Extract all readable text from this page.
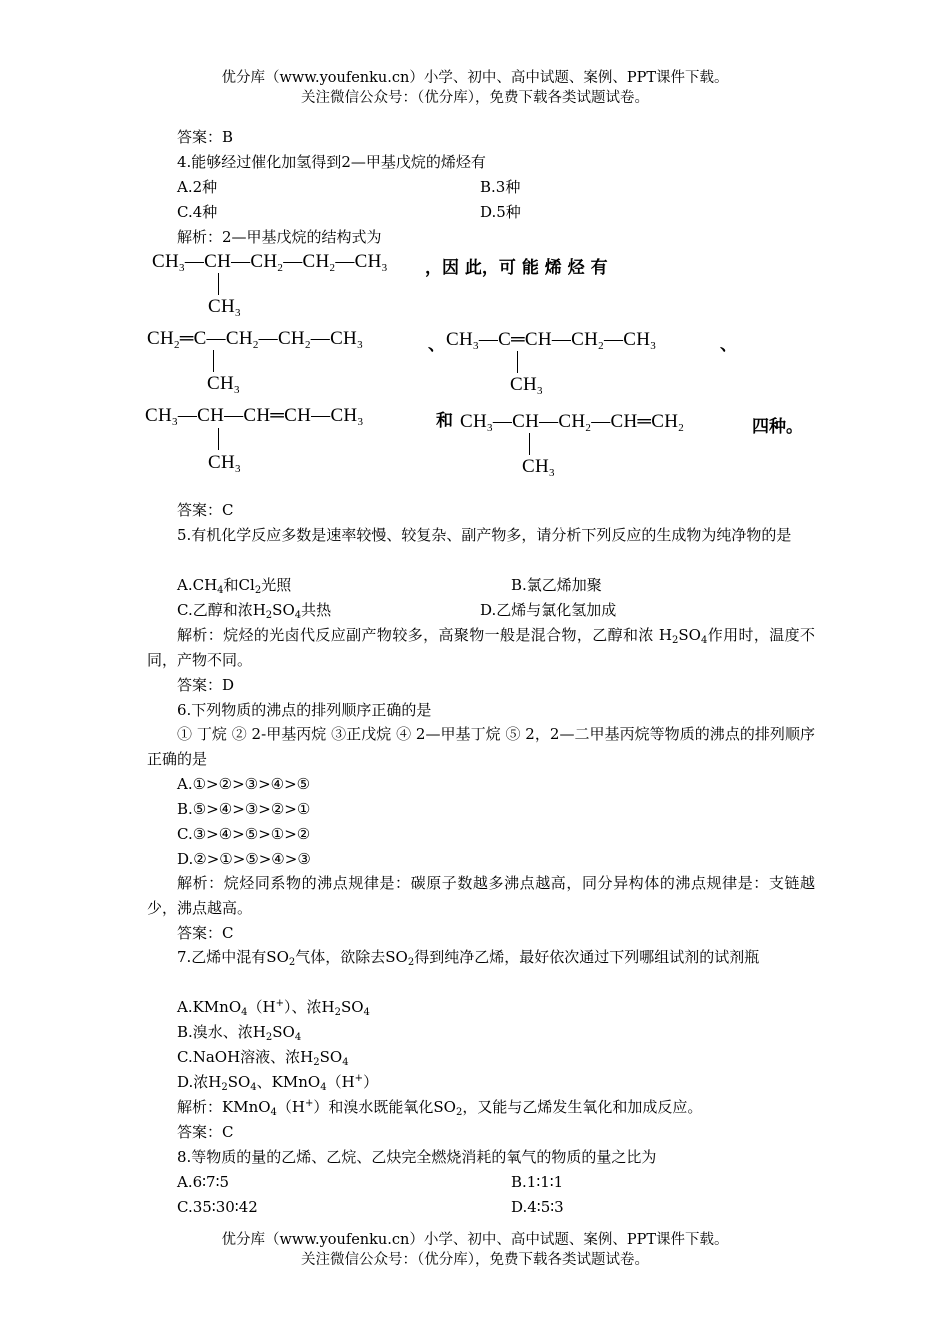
优分库（www.youfenku.cn）小学、初中、高中试题、案例、PPT课件下载。
关注微信公众号：（优分库），免费下载各类试题试卷。
答案：B
4.能够经过催化加氢得到2—甲基戊烷的烯烃有
A.2种	B.3种
C.4种	D.5种
解析：2—甲基戊烷的结构式为
$CH_3—CH—CH_2—CH_2—CH_3$
$CH_3$
，因 此，可 能 烯 烃 有
$CH_2═C—CH_2—CH_2—CH_3$
$CH_3$
、 $CH_3—C═CH—CH_2—CH_3$
$CH_3$
、
$CH_3—CH—CH═CH—CH_3$
$CH_3$
和 $CH_3—CH—CH_2—CH═CH_2$
$CH_3$
四种。
答案：C
5.有机化学反应多数是速率较慢、较复杂、副产物多，请分析下列反应的生成物为纯净物的是
$A.CH_4$和$Cl_2$光照	B.氯乙烯加聚
C.乙醇和浓$H_2SO_4$共热	D.乙烯与氯化氢加成
解析：烷烃的光卤代反应副产物较多，高聚物一般是混合物，乙醇和浓 $H_2SO_4$作用时，温度不同，产物不同。
答案：D
6.下列物质的沸点的排列顺序正确的是
① 丁烷 ② 2-甲基丙烷 ③正戊烷 ④ 2—甲基丁烷 ⑤ 2，2—二甲基丙烷等物质的沸点的排列顺序正确的是
A.①>②>③>④>⑤
B.⑤>④>③>②>①
C.③>④>⑤>①>②
D.②>①>⑤>④>③
解析：烷烃同系物的沸点规律是：碳原子数越多沸点越高，同分异构体的沸点规律是：支链越少，沸点越高。
答案：C
7.乙烯中混有$SO_2$气体，欲除去$SO_2$得到纯净乙烯，最好依次通过下列哪组试剂的试剂瓶
A.KMnO$_4$（H+）、浓$H_2SO_4$
B.溴水、浓$H_2SO_4$
C.NaOH溶液、浓$H_2SO_4$
D.浓$H_2SO_4$、KMnO$_4$（H+）
解析：KMnO$_4$（H+）和溴水既能氧化$SO_2$，又能与乙烯发生氧化和加成反应。
答案：C
8.等物质的量的乙烯、乙烷、乙炔完全燃烧消耗的氧气的物质的量之比为
A.6∶7∶5	B.1∶1∶1
C.35∶30∶42	D.4∶5∶3
优分库（www.youfenku.cn）小学、初中、高中试题、案例、PPT课件下载。
关注微信公众号：（优分库），免费下载各类试题试卷。
